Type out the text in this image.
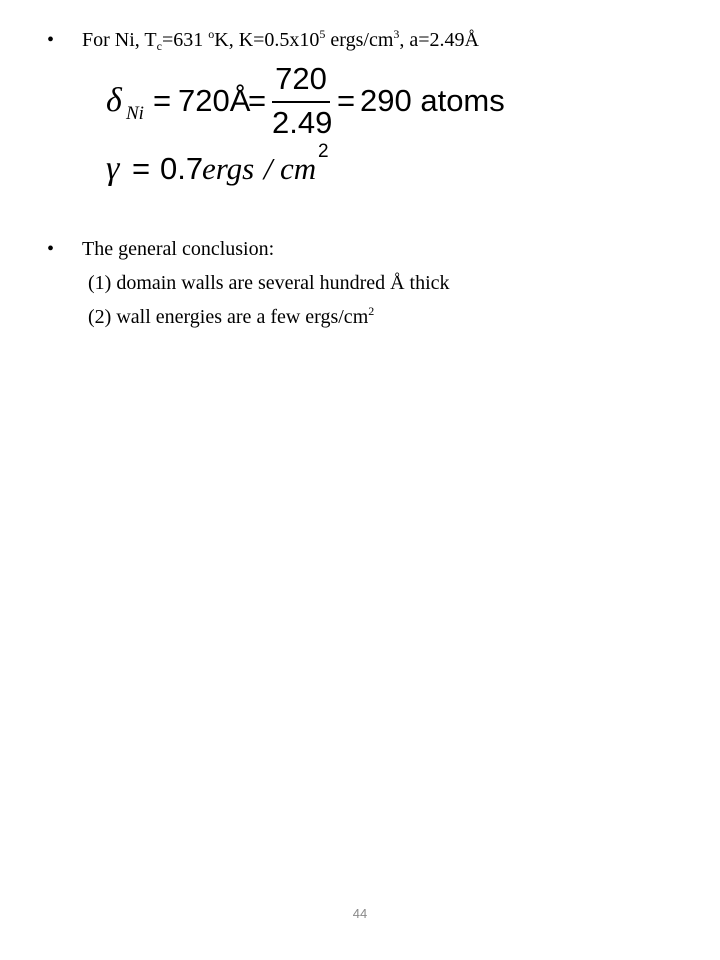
• For Ni, $T_c=631$ $^o$K, $K=0.5x10^5$ ergs/$cm^3$, a=2.49Å
δ Ni = 720Å
=
720
2.49
= 290 atoms
γ = 0.7
ergs / cm 2
• The general conclusion:
(1) domain walls are several hundred Å thick
(2) wall energies are a few ergs/$cm^2$
44
